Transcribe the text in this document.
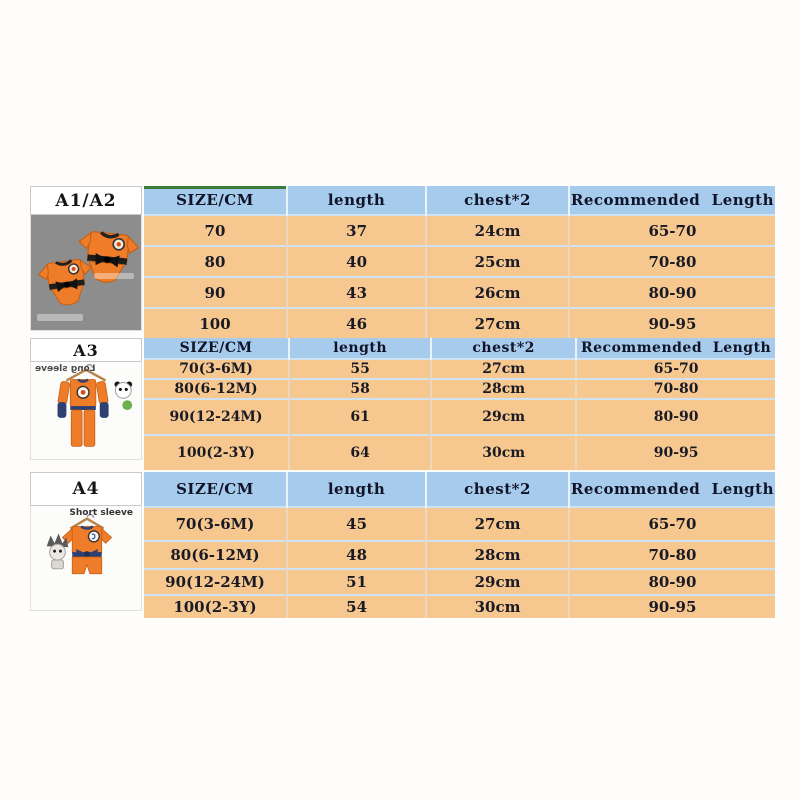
A1/A2	SIZE/CM	length	chest*2	Recommended  Length
70	37	24cm	65-70
80	40	25cm	70-80
90	43	26cm	80-90
100	46	27cm	90-95
A3
Long sleeve
SIZE/CM	length	chest*2	Recommended  Length
70(3-6M)	55	27cm	65-70
80(6-12M)	58	28cm	70-80
90(12-24M)	61	29cm	80-90
100(2-3Y)	64	30cm	90-95
A4
Short sleeve
SIZE/CM	length	chest*2	Recommended  Length
70(3-6M)	45	27cm	65-70
80(6-12M)	48	28cm	70-80
90(12-24M)	51	29cm	80-90
100(2-3Y)	54	30cm	90-95
